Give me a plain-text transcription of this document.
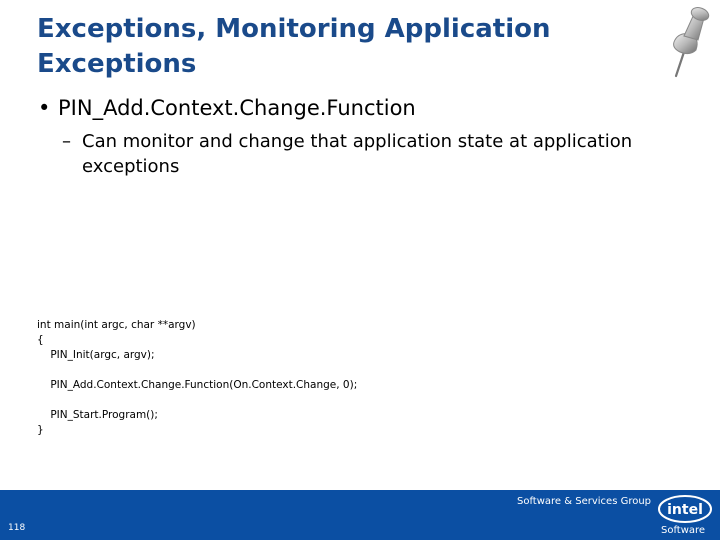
Exceptions, Monitoring Application Exceptions
• PIN_Add.Context.Change.Function
– Can monitor and change that application state at application exceptions
int main(int argc, char **argv)
{
PIN_Init(argc, argv);
PIN_Add.Context.Change.Function(On.Context.Change, 0);
PIN_Start.Program();
}
Software & Services Group
118
intel
Software
